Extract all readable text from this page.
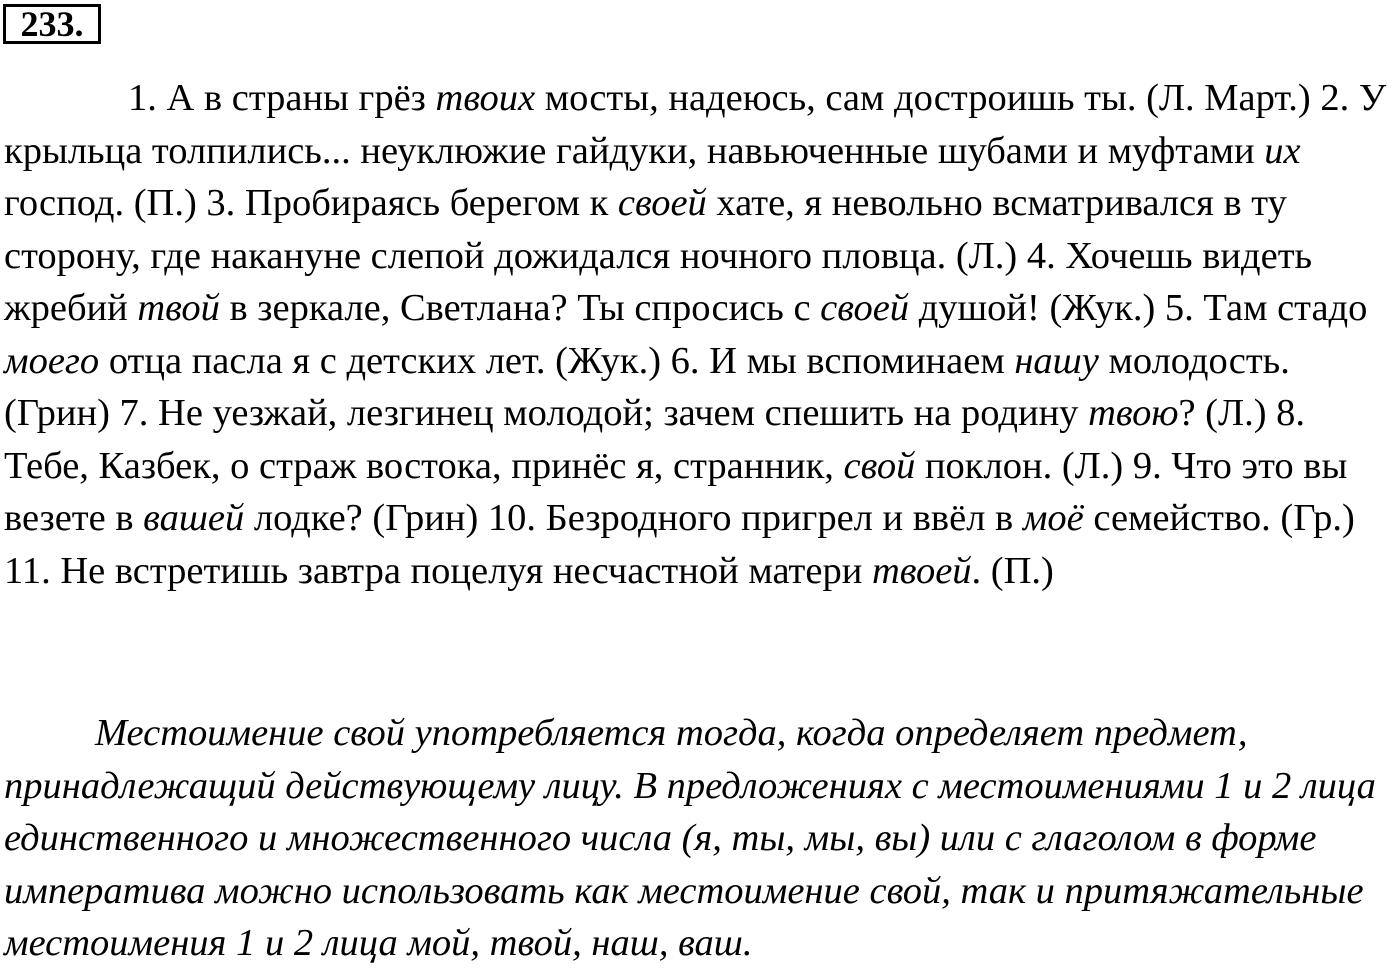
233.

1. А в страны грёз твоих мосты, надеюсь, сам достроишь ты. (Л. Март.) 2. У крыльца толпились... неуклюжие гайдуки, навьюченные шубами и муфтами их господ. (П.) 3. Пробираясь берегом к своей хате, я невольно всматривался в ту сторону, где накануне слепой дожидался ночного пловца. (Л.) 4. Хочешь видеть жребий твой в зеркале, Светлана? Ты спросись с своей душой! (Жук.) 5. Там стадо моего отца пасла я с детских лет. (Жук.) 6. И мы вспоминаем нашу молодость. (Грин) 7. Не уезжай, лезгинец молодой; зачем спешить на родину твою? (Л.) 8. Тебе, Казбек, о страж востока, принёс я, странник, свой поклон. (Л.) 9. Что это вы везете в вашей лодке? (Грин) 10. Безродного пригрел и ввёл в моё семейство. (Гр.) 11. Не встретишь завтра поцелуя несчастной матери твоей. (П.)

Местоимение свой употребляется тогда, когда определяет предмет, принадлежащий действующему лицу. В предложениях с местоимениями 1 и 2 лица единственного и множественного числа (я, ты, мы, вы) или с глаголом в форме императива можно использовать как местоимение свой, так и притяжательные местоимения 1 и 2 лица мой, твой, наш, ваш.
